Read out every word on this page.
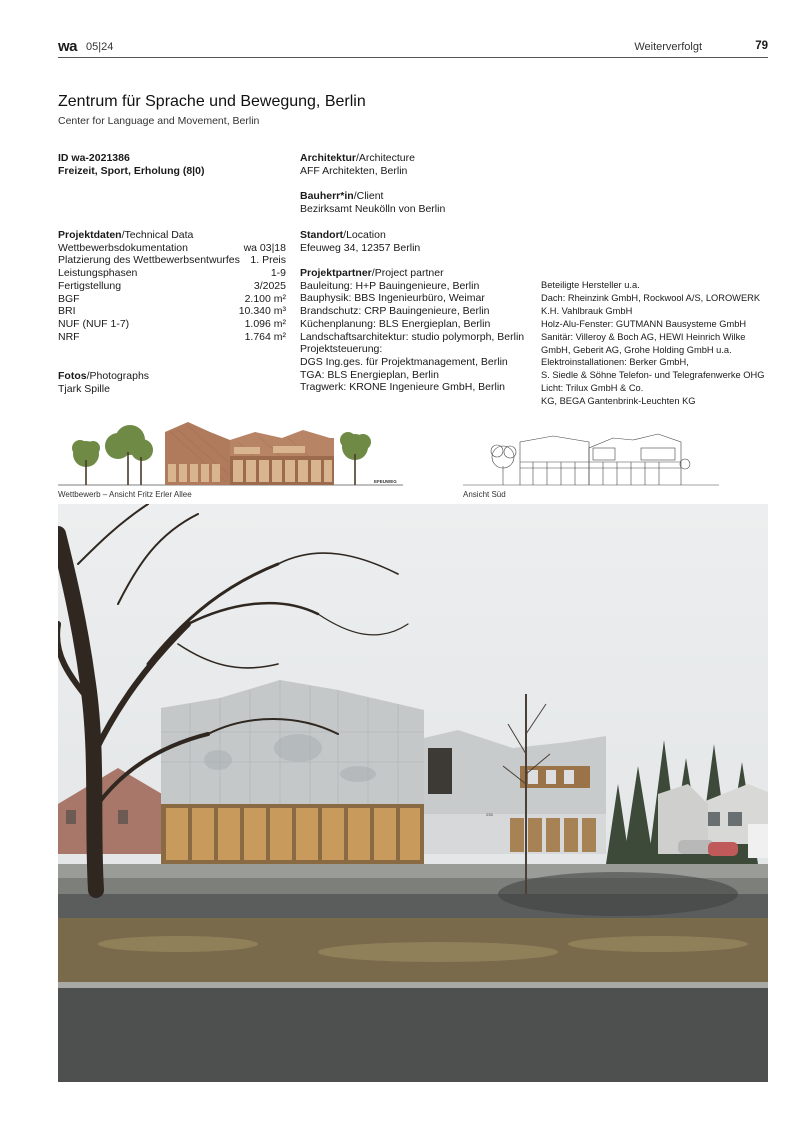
wa 05|24	Weiterverfolgt	79
Zentrum für Sprache und Bewegung, Berlin
Center for Language and Movement, Berlin
ID wa-2021386
Freizeit, Sport, Erholung (8|0)
Projektdaten/Technical Data
Wettbewerbsdokumentation	wa 03|18
Platzierung des Wettbewerbsentwurfes 1. Preis
Leistungsphasen	1-9
Fertigstellung	3/2025
BGF	2.100 m²
BRI	10.340 m³
NUF (NUF 1-7)	1.096 m²
NRF	1.764 m²
Fotos/Photographs
Tjark Spille
Architektur/Architecture
AFF Architekten, Berlin
Bauherr*in/Client
Bezirksamt Neukölln von Berlin
Standort/Location
Efeuweg 34, 12357 Berlin
Projektpartner/Project partner
Bauleitung: H+P Bauingenieure, Berlin
Bauphysik: BBS Ingenieurbüro, Weimar
Brandschutz: CRP Bauingenieure, Berlin
Küchenplanung: BLS Energieplan, Berlin
Landschaftsarchitektur: studio polymorph, Berlin
Projektsteuerung:
DGS Ing.ges. für Projektmanagement, Berlin
TGA: BLS Energieplan, Berlin
Tragwerk: KRONE Ingenieure GmbH, Berlin
Beteiligte Hersteller u.a.
Dach: Rheinzink GmbH, Rockwool A/S, LOROWERK
K.H. Vahlbrauk GmbH
Holz-Alu-Fenster: GUTMANN Bausysteme GmbH
Sanitär: Villeroy & Boch AG, HEWI Heinrich Wilke
GmbH, Geberit AG, Grohe Holding GmbH u.a.
Elektroinstallationen: Berker GmbH,
S. Siedle & Söhne Telefon- und Telegrafenwerke OHG
Licht: Trilux GmbH & Co.
KG, BEGA Gantenbrink-Leuchten KG
EFEUWEG
Wettbewerb – Ansicht Fritz Erler Allee	Ansicht Süd
235
